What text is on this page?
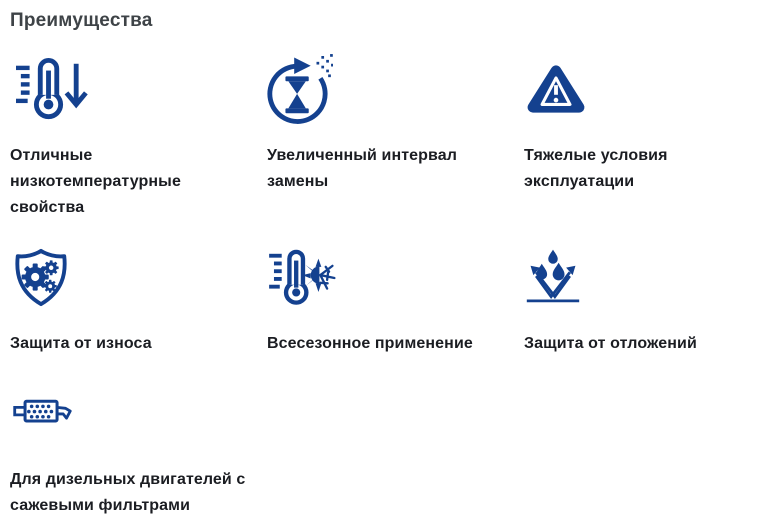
Преимущества
Отличные низкотемпературные свойства
Увеличенный интервал замены
Тяжелые условия эксплуатации
Защита от износа	Всесезонное применение	Защита от отложений
Для дизельных двигателей с сажевыми фильтрами
